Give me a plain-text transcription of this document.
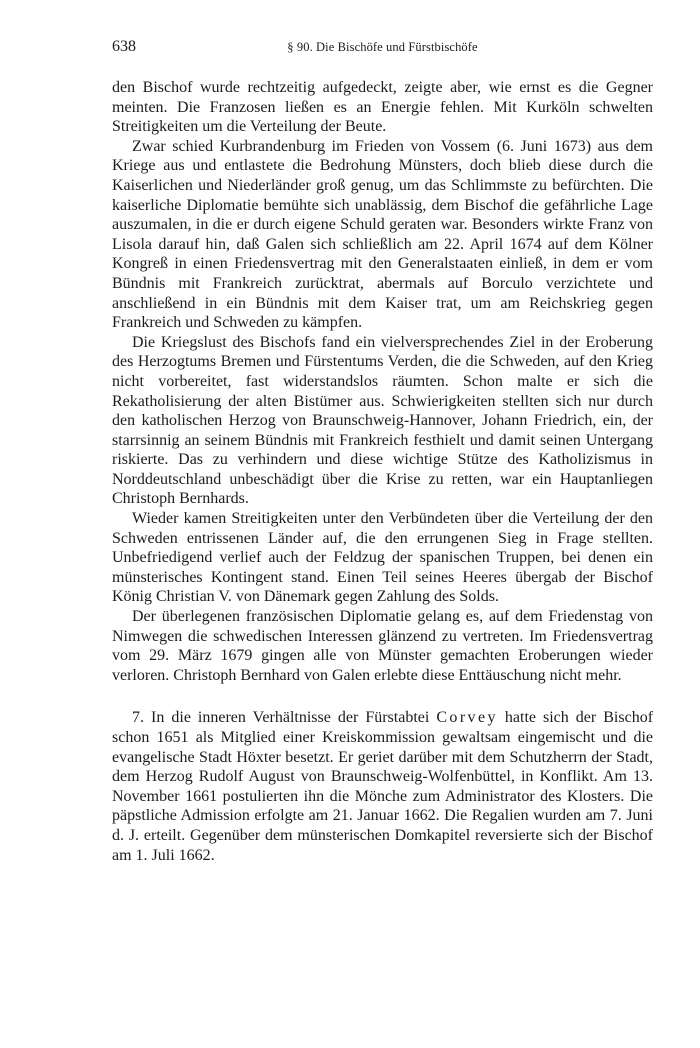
638	§ 90. Die Bischöfe und Fürstbischöfe

den Bischof wurde rechtzeitig aufgedeckt, zeigte aber, wie ernst es die Gegner meinten. Die Franzosen ließen es an Energie fehlen. Mit Kurköln schwelten Streitigkeiten um die Verteilung der Beute.

Zwar schied Kurbrandenburg im Frieden von Vossem (6. Juni 1673) aus dem Kriege aus und entlastete die Bedrohung Münsters, doch blieb diese durch die Kaiserlichen und Niederländer groß genug, um das Schlimmste zu befürchten. Die kaiserliche Diplomatie bemühte sich unablässig, dem Bischof die gefährliche Lage auszumalen, in die er durch eigene Schuld geraten war. Besonders wirkte Franz von Lisola darauf hin, daß Galen sich schließlich am 22. April 1674 auf dem Kölner Kongreß in einen Friedensvertrag mit den Generalstaaten einließ, in dem er vom Bündnis mit Frankreich zurücktrat, abermals auf Borculo verzichtete und anschließend in ein Bündnis mit dem Kaiser trat, um am Reichskrieg gegen Frankreich und Schweden zu kämpfen.

Die Kriegslust des Bischofs fand ein vielversprechendes Ziel in der Eroberung des Herzogtums Bremen und Fürstentums Verden, die die Schweden, auf den Krieg nicht vorbereitet, fast widerstandslos räumten. Schon malte er sich die Rekatholisierung der alten Bistümer aus. Schwierigkeiten stellten sich nur durch den katholischen Herzog von Braunschweig-Hannover, Johann Friedrich, ein, der starrsinnig an seinem Bündnis mit Frankreich festhielt und damit seinen Untergang riskierte. Das zu verhindern und diese wichtige Stütze des Katholizismus in Norddeutschland unbeschädigt über die Krise zu retten, war ein Hauptanliegen Christoph Bernhards.

Wieder kamen Streitigkeiten unter den Verbündeten über die Verteilung der den Schweden entrissenen Länder auf, die den errungenen Sieg in Frage stellten. Unbefriedigend verlief auch der Feldzug der spanischen Truppen, bei denen ein münsterisches Kontingent stand. Einen Teil seines Heeres übergab der Bischof König Christian V. von Dänemark gegen Zahlung des Solds.

Der überlegenen französischen Diplomatie gelang es, auf dem Friedenstag von Nimwegen die schwedischen Interessen glänzend zu vertreten. Im Friedensvertrag vom 29. März 1679 gingen alle von Münster gemachten Eroberungen wieder verloren. Christoph Bernhard von Galen erlebte diese Enttäuschung nicht mehr.

7. In die inneren Verhältnisse der Fürstabtei Corvey hatte sich der Bischof schon 1651 als Mitglied einer Kreiskommission gewaltsam eingemischt und die evangelische Stadt Höxter besetzt. Er geriet darüber mit dem Schutzherrn der Stadt, dem Herzog Rudolf August von Braunschweig-Wolfenbüttel, in Konflikt. Am 13. November 1661 postulierten ihn die Mönche zum Administrator des Klosters. Die päpstliche Admission erfolgte am 21. Januar 1662. Die Regalien wurden am 7. Juni d. J. erteilt. Gegenüber dem münsterischen Domkapitel reversierte sich der Bischof am 1. Juli 1662.
